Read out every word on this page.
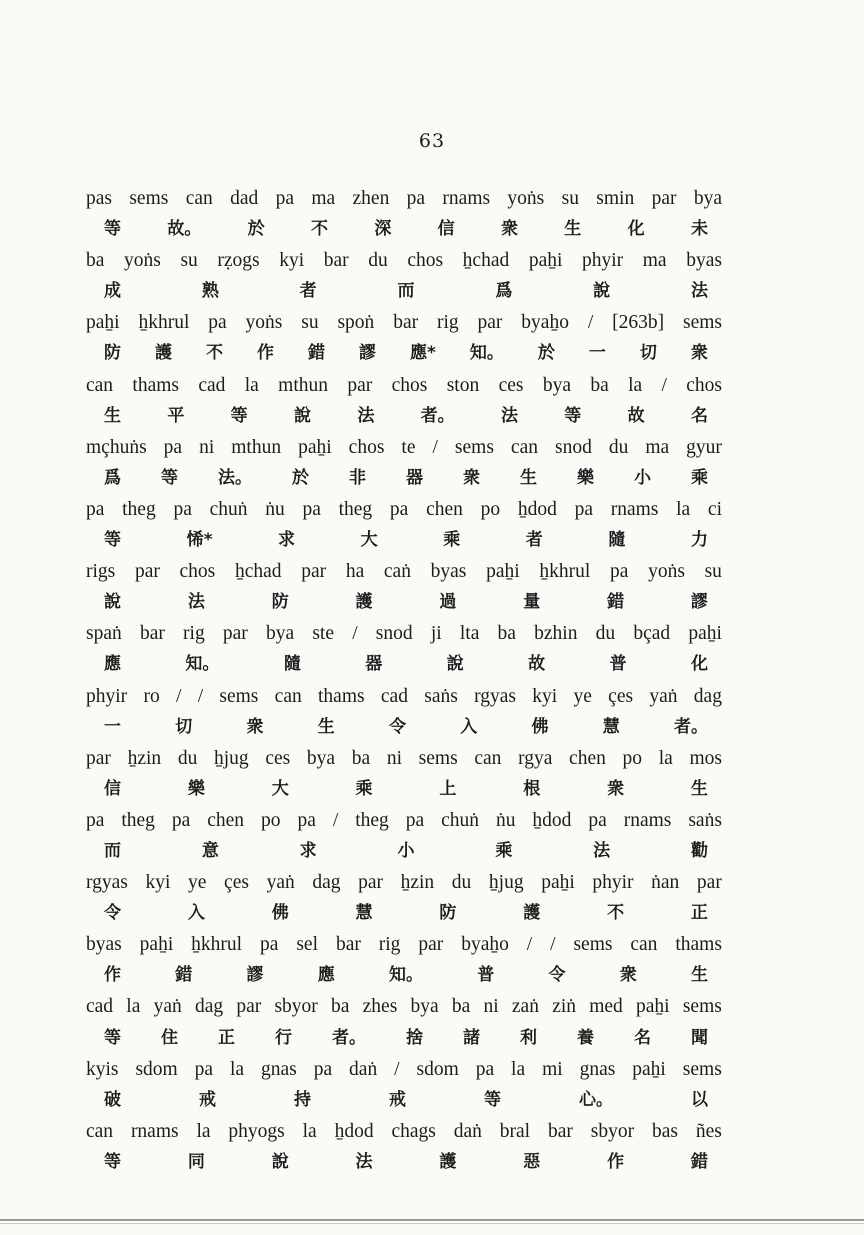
63
pas sems can dad pa ma zhen pa rnams yoṅs su smin par bya
等	故。	於	不	深	信	衆	生	化	未
ba yoṅs su rẓogs kyi bar du chos ẖchad paẖi phyir ma byas
成	熟	者	而	爲	說	法
paẖi ẖkhrul pa yoṅs su spoṅ bar rig par byaẖo / [263b] sems
防 護 不 作 錯 謬 應* 知。 於 一 切 衆
can thams cad la mthun par chos ston ces bya ba la / chos
生	平	等	說	法	者。	法	等	故	名
mçhuṅs pa ni mthun paẖi chos te / sems can snod du ma gyur
爲 等 法。 於 非 器 衆 生 樂 小 乘
pa theg pa chuṅ ṅu pa theg pa chen po ẖdod pa rnams la ci
等	悕*	求	大	乘	者	隨	力
rigs par chos ẖchad par ha caṅ byas paẖi ẖkhrul pa yoṅs su
說	法	防	護	過	量	錯	謬
spaṅ bar rig par bya ste / snod ji lta ba bzhin du bçad paẖi
應	知。	隨	器	說	故	普	化
phyir ro / / sems can thams cad saṅs rgyas kyi ye çes yaṅ dag
一	切	衆	生	令	入	佛	慧	者。
par ẖzin du ẖjug ces bya ba ni sems can rgya chen po la mos
信	樂	大	乘	上	根	衆	生
pa theg pa chen po pa / theg pa chuṅ ṅu ẖdod pa rnams saṅs
而	意	求	小	乘	法	勸
rgyas kyi ye çes yaṅ dag par ẖzin du ẖjug paẖi phyir ṅan par
令	入	佛	慧	防	護	不	正
byas paẖi ẖkhrul pa sel bar rig par byaẖo / / sems can thams
作	錯	謬	應	知。	普	令	衆	生
cad la yaṅ dag par sbyor ba zhes bya ba ni zaṅ ziṅ med paẖi sems
等 住 正 行 者。 捨 諸 利 養 名 聞
kyis sdom pa la gnas pa daṅ / sdom pa la mi gnas paẖi sems
破	戒	持	戒	等	心。	以
can rnams la phyogs la ẖdod chags daṅ bral bar sbyor bas ñes
等	同	說	法	護	惡	作	錯
